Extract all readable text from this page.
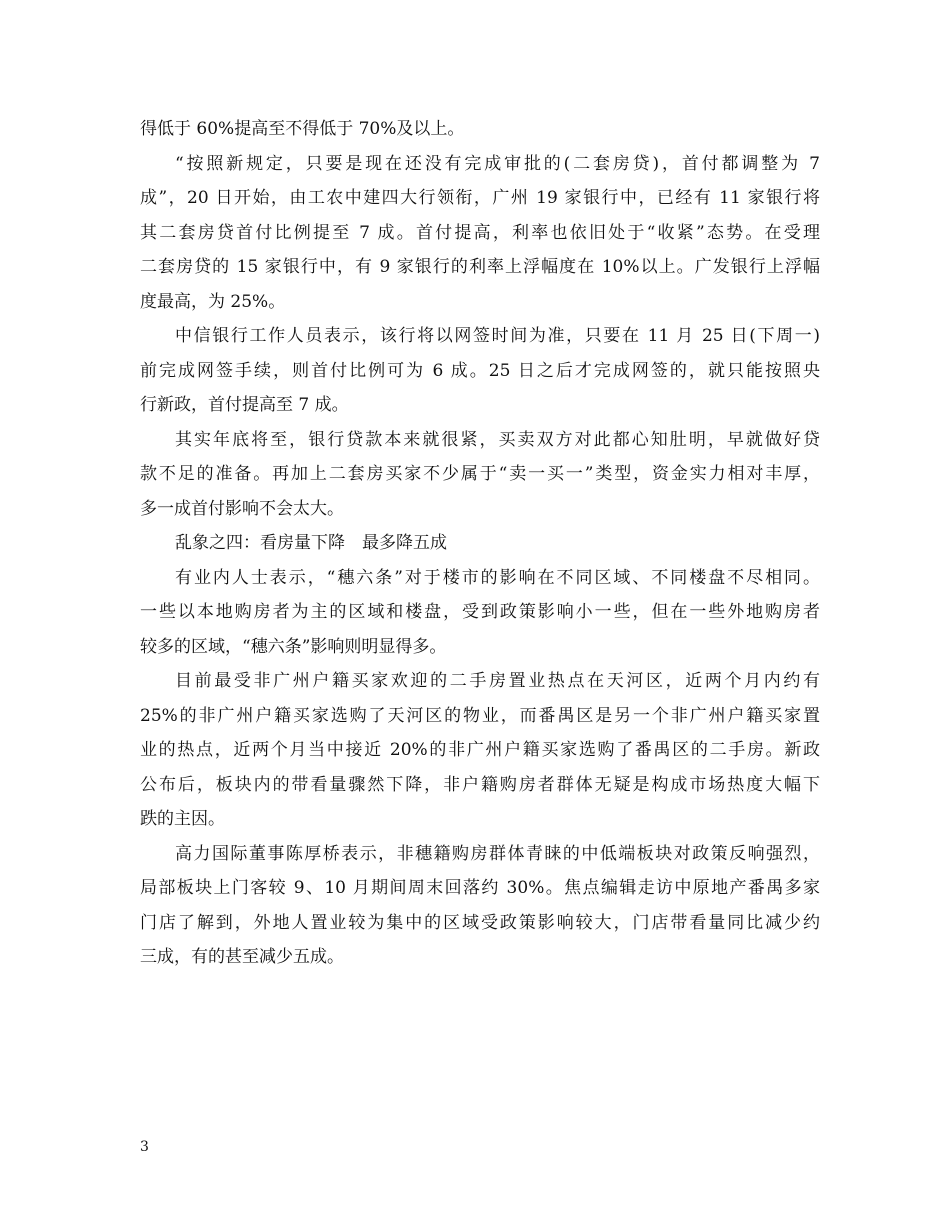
得低于 60%提高至不得低于 70%及以上。
“按照新规定，只要是现在还没有完成审批的(二套房贷)，首付都调整为 7
成”，20 日开始，由工农中建四大行领衔，广州 19 家银行中，已经有 11 家银行将
其二套房贷首付比例提至 7 成。首付提高，利率也依旧处于“收紧”态势。在受理
二套房贷的 15 家银行中，有 9 家银行的利率上浮幅度在 10%以上。广发银行上浮幅
度最高，为 25%。
中信银行工作人员表示，该行将以网签时间为准，只要在 11 月 25 日(下周一)
前完成网签手续，则首付比例可为 6 成。25 日之后才完成网签的，就只能按照央
行新政，首付提高至 7 成。
其实年底将至，银行贷款本来就很紧，买卖双方对此都心知肚明，早就做好贷
款不足的准备。再加上二套房买家不少属于“卖一买一”类型，资金实力相对丰厚，
多一成首付影响不会太大。
乱象之四：看房量下降　最多降五成
有业内人士表示，“穗六条”对于楼市的影响在不同区域、不同楼盘不尽相同。
一些以本地购房者为主的区域和楼盘，受到政策影响小一些，但在一些外地购房者
较多的区域，“穗六条”影响则明显得多。
目前最受非广州户籍买家欢迎的二手房置业热点在天河区，近两个月内约有
25%的非广州户籍买家选购了天河区的物业，而番禺区是另一个非广州户籍买家置
业的热点，近两个月当中接近 20%的非广州户籍买家选购了番禺区的二手房。新政
公布后，板块内的带看量骤然下降，非户籍购房者群体无疑是构成市场热度大幅下
跌的主因。
高力国际董事陈厚桥表示，非穗籍购房群体青睐的中低端板块对政策反响强烈，
局部板块上门客较 9、10 月期间周末回落约 30%。焦点编辑走访中原地产番禺多家
门店了解到，外地人置业较为集中的区域受政策影响较大，门店带看量同比减少约
三成，有的甚至减少五成。
3
